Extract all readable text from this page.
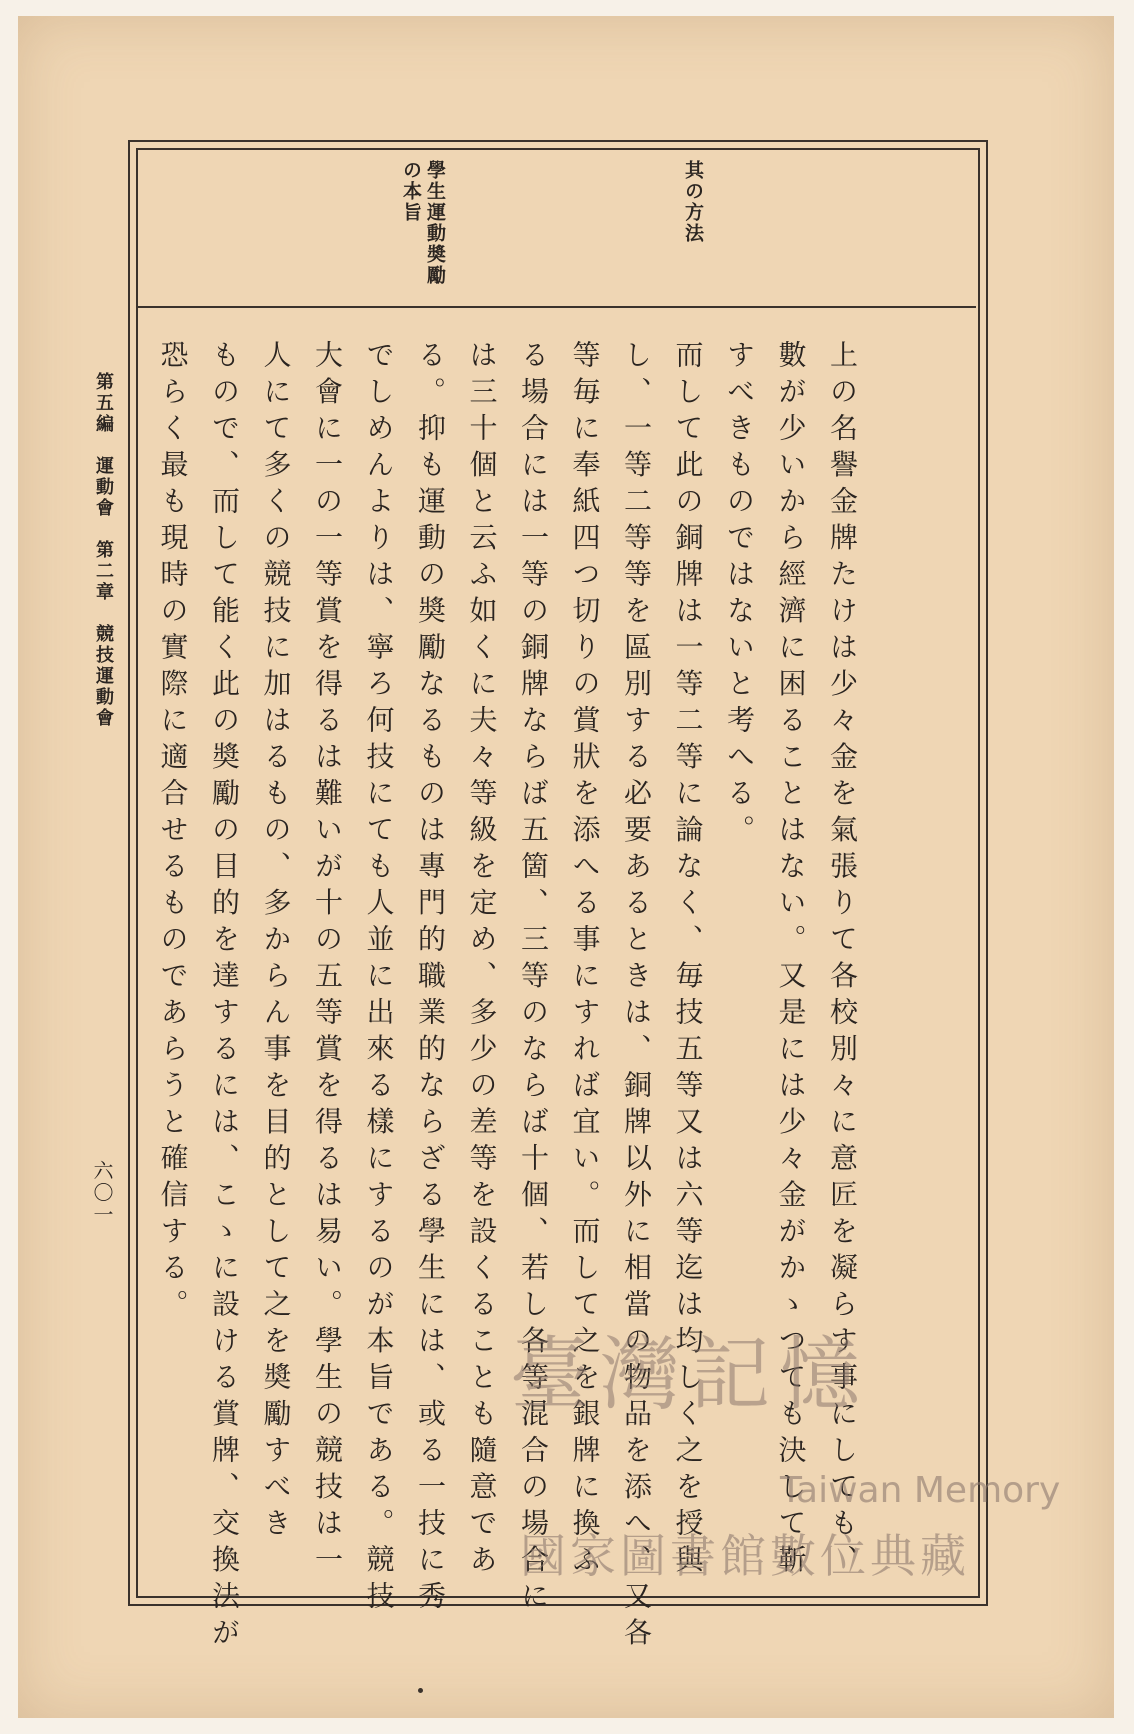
其の方法
學生運動奬勵
の本旨
上の名譽金牌たけは少々金を氣張りて各校別々に意匠を凝らす事にしても、
數が少いから經濟に困ることはない。又是には少々金がかゝつても決して靳
すべきものではないと考へる。
而して此の銅牌は一等二等に論なく、毎技五等又は六等迄は均しく之を授與
し、一等二等等を區別する必要あるときは、銅牌以外に相當の物品を添へ、又各
等毎に奉紙四つ切りの賞狀を添へる事にすれば宜い。而して之を銀牌に換ふ
る場合には一等の銅牌ならば五箇、三等のならば十個、若し各等混合の場合に
は三十個と云ふ如くに夫々等級を定め、多少の差等を設くることも隨意であ
る。抑も運動の奬勵なるものは專門的職業的ならざる學生には、或る一技に秀
でしめんよりは、寧ろ何技にても人並に出來る樣にするのが本旨である。競技
大會に一の一等賞を得るは難いが十の五等賞を得るは易い。學生の競技は一
人にて多くの競技に加はるもの、多からん事を目的として之を奬勵すべき
もので、而して能く此の奬勵の目的を達するには、こゝに設ける賞牌、交換法が
恐らく最も現時の實際に適合せるものであらうと確信する。
第五編　運動會　第二章　競技運動會
六〇一
臺灣記憶
Taiwan Memory
國家圖書館數位典藏
